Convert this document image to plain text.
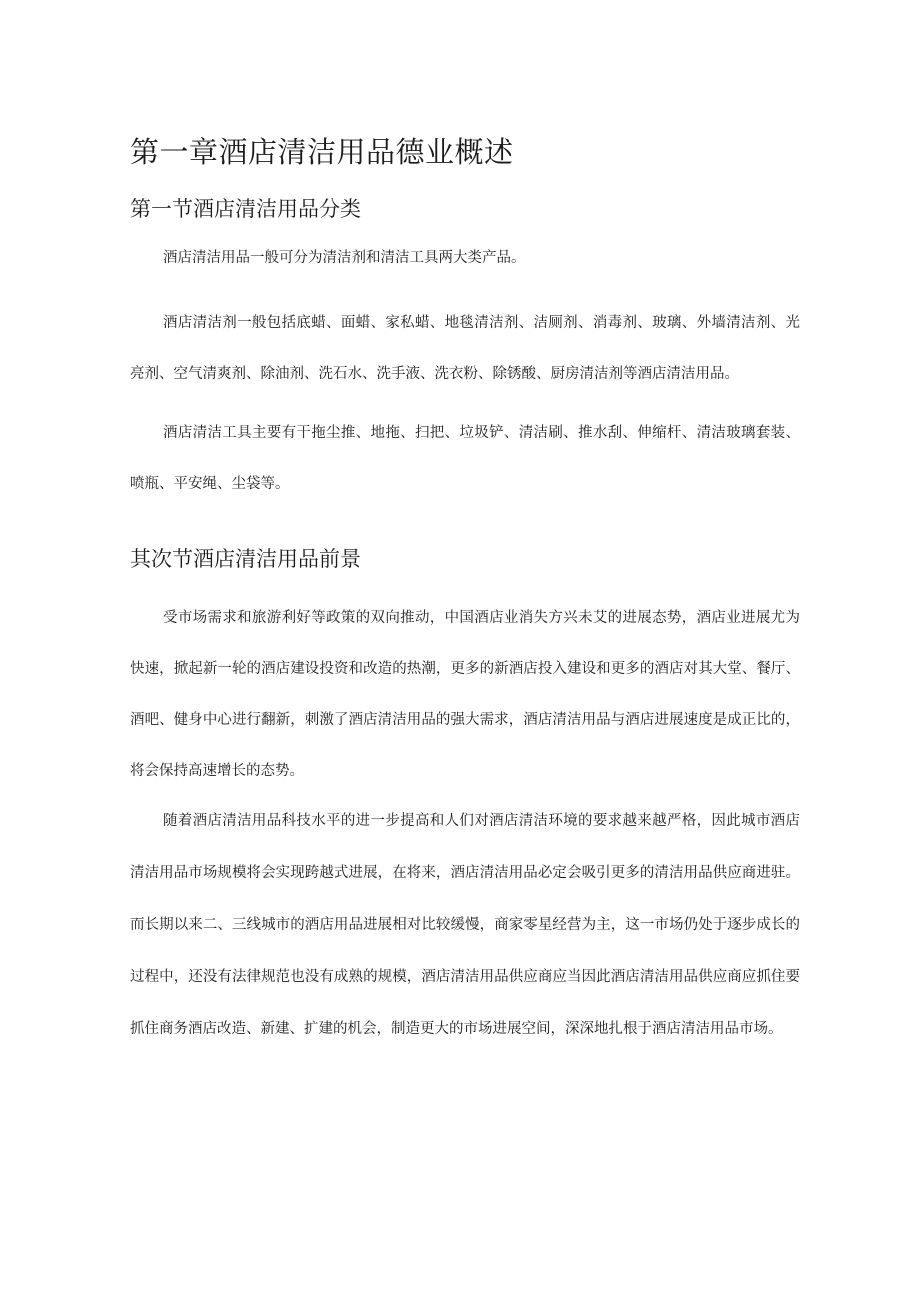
第一章酒店清洁用品德业概述
第一节酒店清洁用品分类

酒店清洁用品一般可分为清洁剂和清洁工具两大类产品。

酒店清洁剂一般包括底蜡、面蜡、家私蜡、地毯清洁剂、洁厕剂、消毒剂、玻璃、外墙清洁剂、光亮剂、空气清爽剂、除油剂、洗石水、洗手液、洗衣粉、除锈酸、厨房清洁剂等酒店清洁用品。

酒店清洁工具主要有干拖尘推、地拖、扫把、垃圾铲、清洁刷、推水刮、伸缩杆、清洁玻璃套装、喷瓶、平安绳、尘袋等。

其次节酒店清洁用品前景

受市场需求和旅游利好等政策的双向推动，中国酒店业消失方兴未艾的进展态势，酒店业进展尤为快速，掀起新一轮的酒店建设投资和改造的热潮，更多的新酒店投入建设和更多的酒店对其大堂、餐厅、酒吧、健身中心进行翻新，刺激了酒店清洁用品的强大需求，酒店清洁用品与酒店进展速度是成正比的，将会保持高速增长的态势。

随着酒店清洁用品科技水平的进一步提高和人们对酒店清洁环境的要求越来越严格，因此城市酒店清洁用品市场规模将会实现跨越式进展，在将来，酒店清洁用品必定会吸引更多的清洁用品供应商进驻。而长期以来二、三线城市的酒店用品进展相对比较缓慢，商家零星经营为主，这一市场仍处于逐步成长的过程中，还没有法律规范也没有成熟的规模，酒店清洁用品供应商应当因此酒店清洁用品供应商应抓住要抓住商务酒店改造、新建、扩建的机会，制造更大的市场进展空间，深深地扎根于酒店清洁用品市场。
